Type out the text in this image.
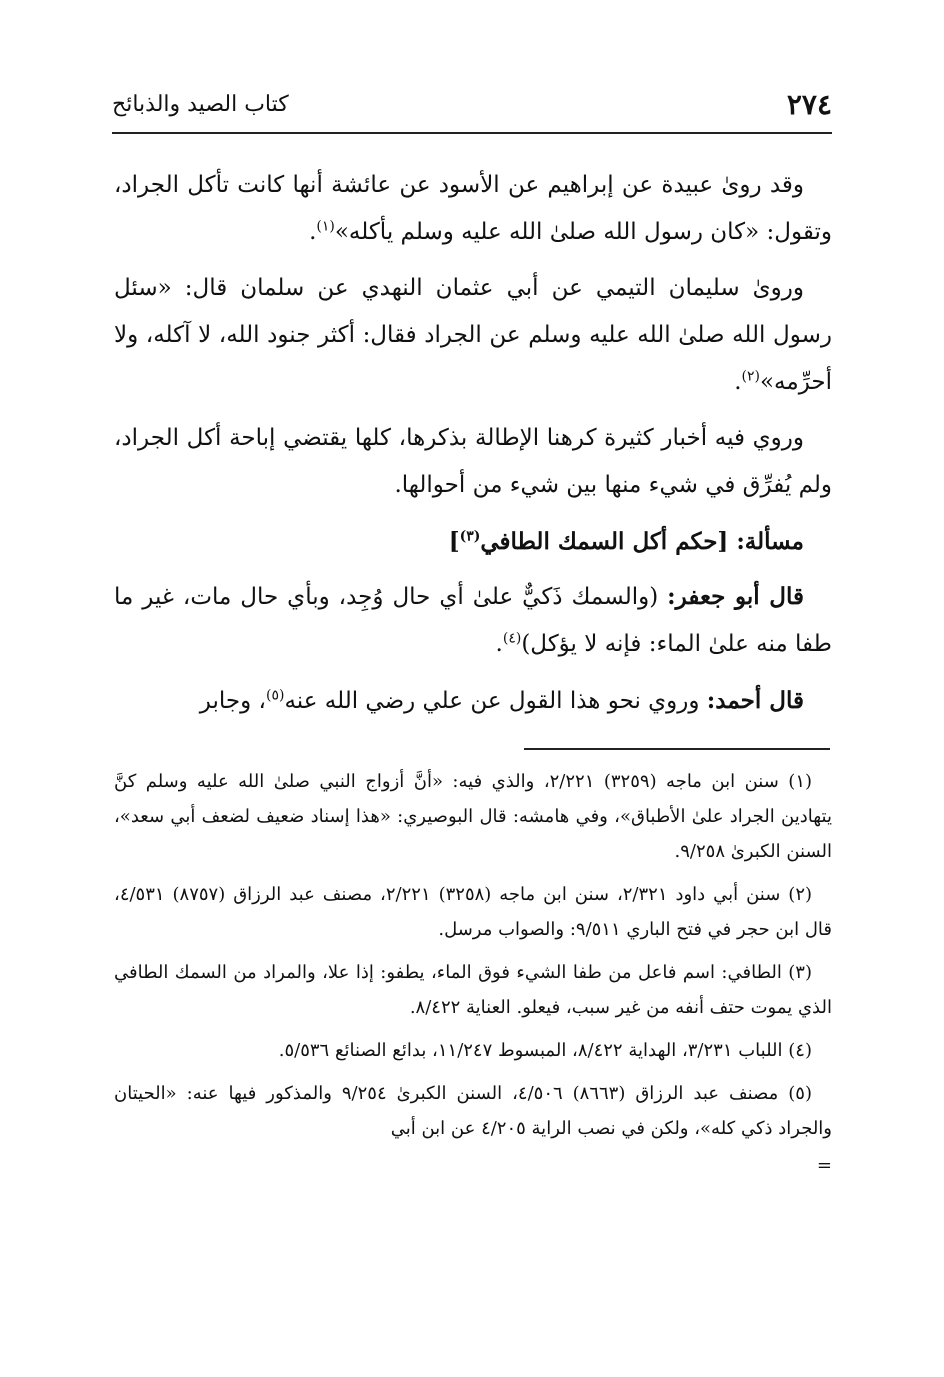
٢٧٤
كتاب الصيد والذبائح

وقد رویٰ عبيدة عن إبراهيم عن الأسود عن عائشة أنها كانت تأكل الجراد، وتقول: «كان رسول الله صلىٰ الله عليه وسلم يأكله»$^{(١)}$.

ورویٰ سليمان التيمي عن أبي عثمان النهدي عن سلمان قال: «سئل رسول الله صلىٰ الله عليه وسلم عن الجراد فقال: أكثر جنود الله، لا آكله، ولا أحرِّمه»$^{(٢)}$.

وروي فيه أخبار كثيرة كرهنا الإطالة بذكرها، كلها يقتضي إباحة أكل الجراد، ولم يُفرِّق في شيء منها بين شيء من أحوالها.

مسألة: [حكم أكل السمك الطافي$^{(٣)}$]

قال أبو جعفر: (والسمك ذَكيٌّ علىٰ أي حال وُجِد، وبأي حال مات، غير ما طفا منه علىٰ الماء: فإنه لا يؤكل)$^{(٤)}$.

قال أحمد: وروي نحو هذا القول عن علي رضي الله عنه$^{(٥)}$، وجابر

(١) سنن ابن ماجه (٣٢٥٩) ٢/٢٢١، والذي فيه: «أنَّ أزواج النبي صلىٰ الله عليه وسلم كنَّ يتهادين الجراد علىٰ الأطباق»، وفي هامشه: قال البوصيري: «هذا إسناد ضعيف لضعف أبي سعد»، السنن الكبرىٰ ٩/٢٥٨.

(٢) سنن أبي داود ٢/٣٢١، سنن ابن ماجه (٣٢٥٨) ٢/٢٢١، مصنف عبد الرزاق (٨٧٥٧) ٤/٥٣١، قال ابن حجر في فتح الباري ٩/٥١١: والصواب مرسل.

(٣) الطافي: اسم فاعل من طفا الشيء فوق الماء، يطفو: إذا علا، والمراد من السمك الطافي الذي يموت حتف أنفه من غير سبب، فيعلو. العناية ٨/٤٢٢.

(٤) اللباب ٣/٢٣١، الهداية ٨/٤٢٢، المبسوط ١١/٢٤٧، بدائع الصنائع ٥/٥٣٦.

(٥) مصنف عبد الرزاق (٨٦٦٣) ٤/٥٠٦، السنن الكبرىٰ ٩/٢٥٤ والمذكور فيها عنه: «الحيتان والجراد ذكي كله»، ولكن في نصب الراية ٤/٢٠٥ عن ابن أبي

=
